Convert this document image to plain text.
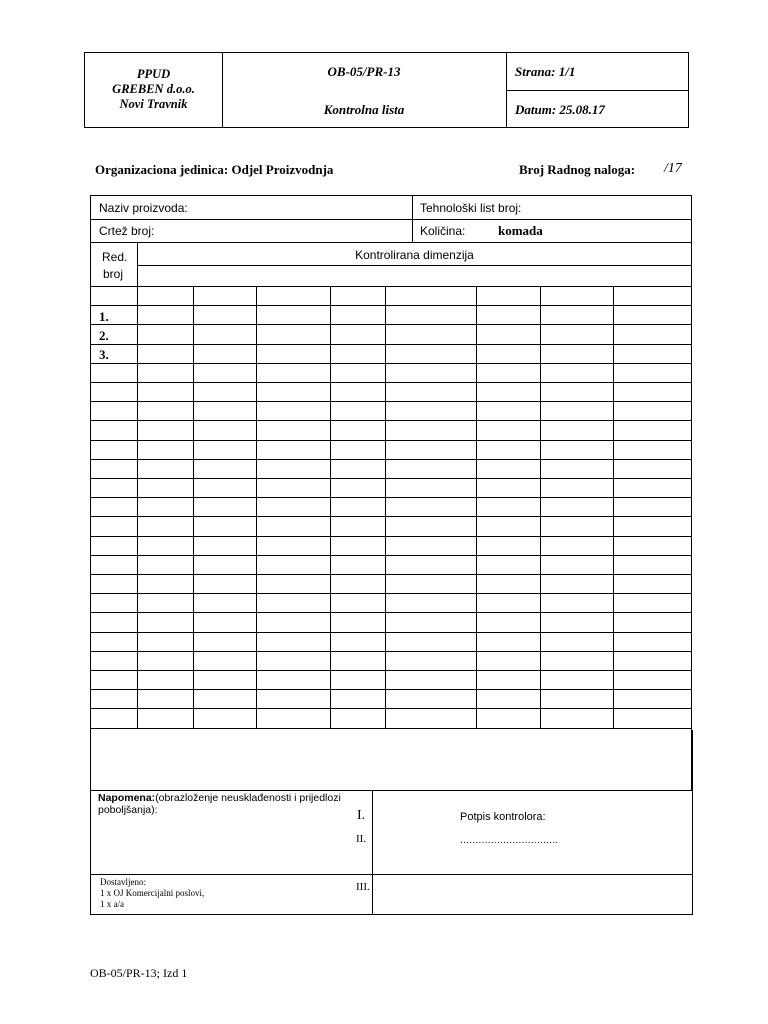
PPUD
GREBEN d.o.o.
Novi Travnik
OB-05/PR-13
Kontrolna lista
Strana: 1/1
Datum: 25.08.17
Organizaciona jedinica: Odjel Proizvodnja	Broj Radnog naloga: /17
Naziv proizvoda:	Tehnološki list broj:
Crtež broj:	Količina:	komada
Red.
broj
Kontrolirana dimenzija
1.
2.
3.
Napomena:(obrazloženje neusklađenosti i prijedlozi poboljšanja):	I.
II.
III.
Potpis kontrolora:
................................
Dostavljeno:
1 x OJ Komercijalni poslovi,
1 x a/a
OB-05/PR-13; Izd 1
